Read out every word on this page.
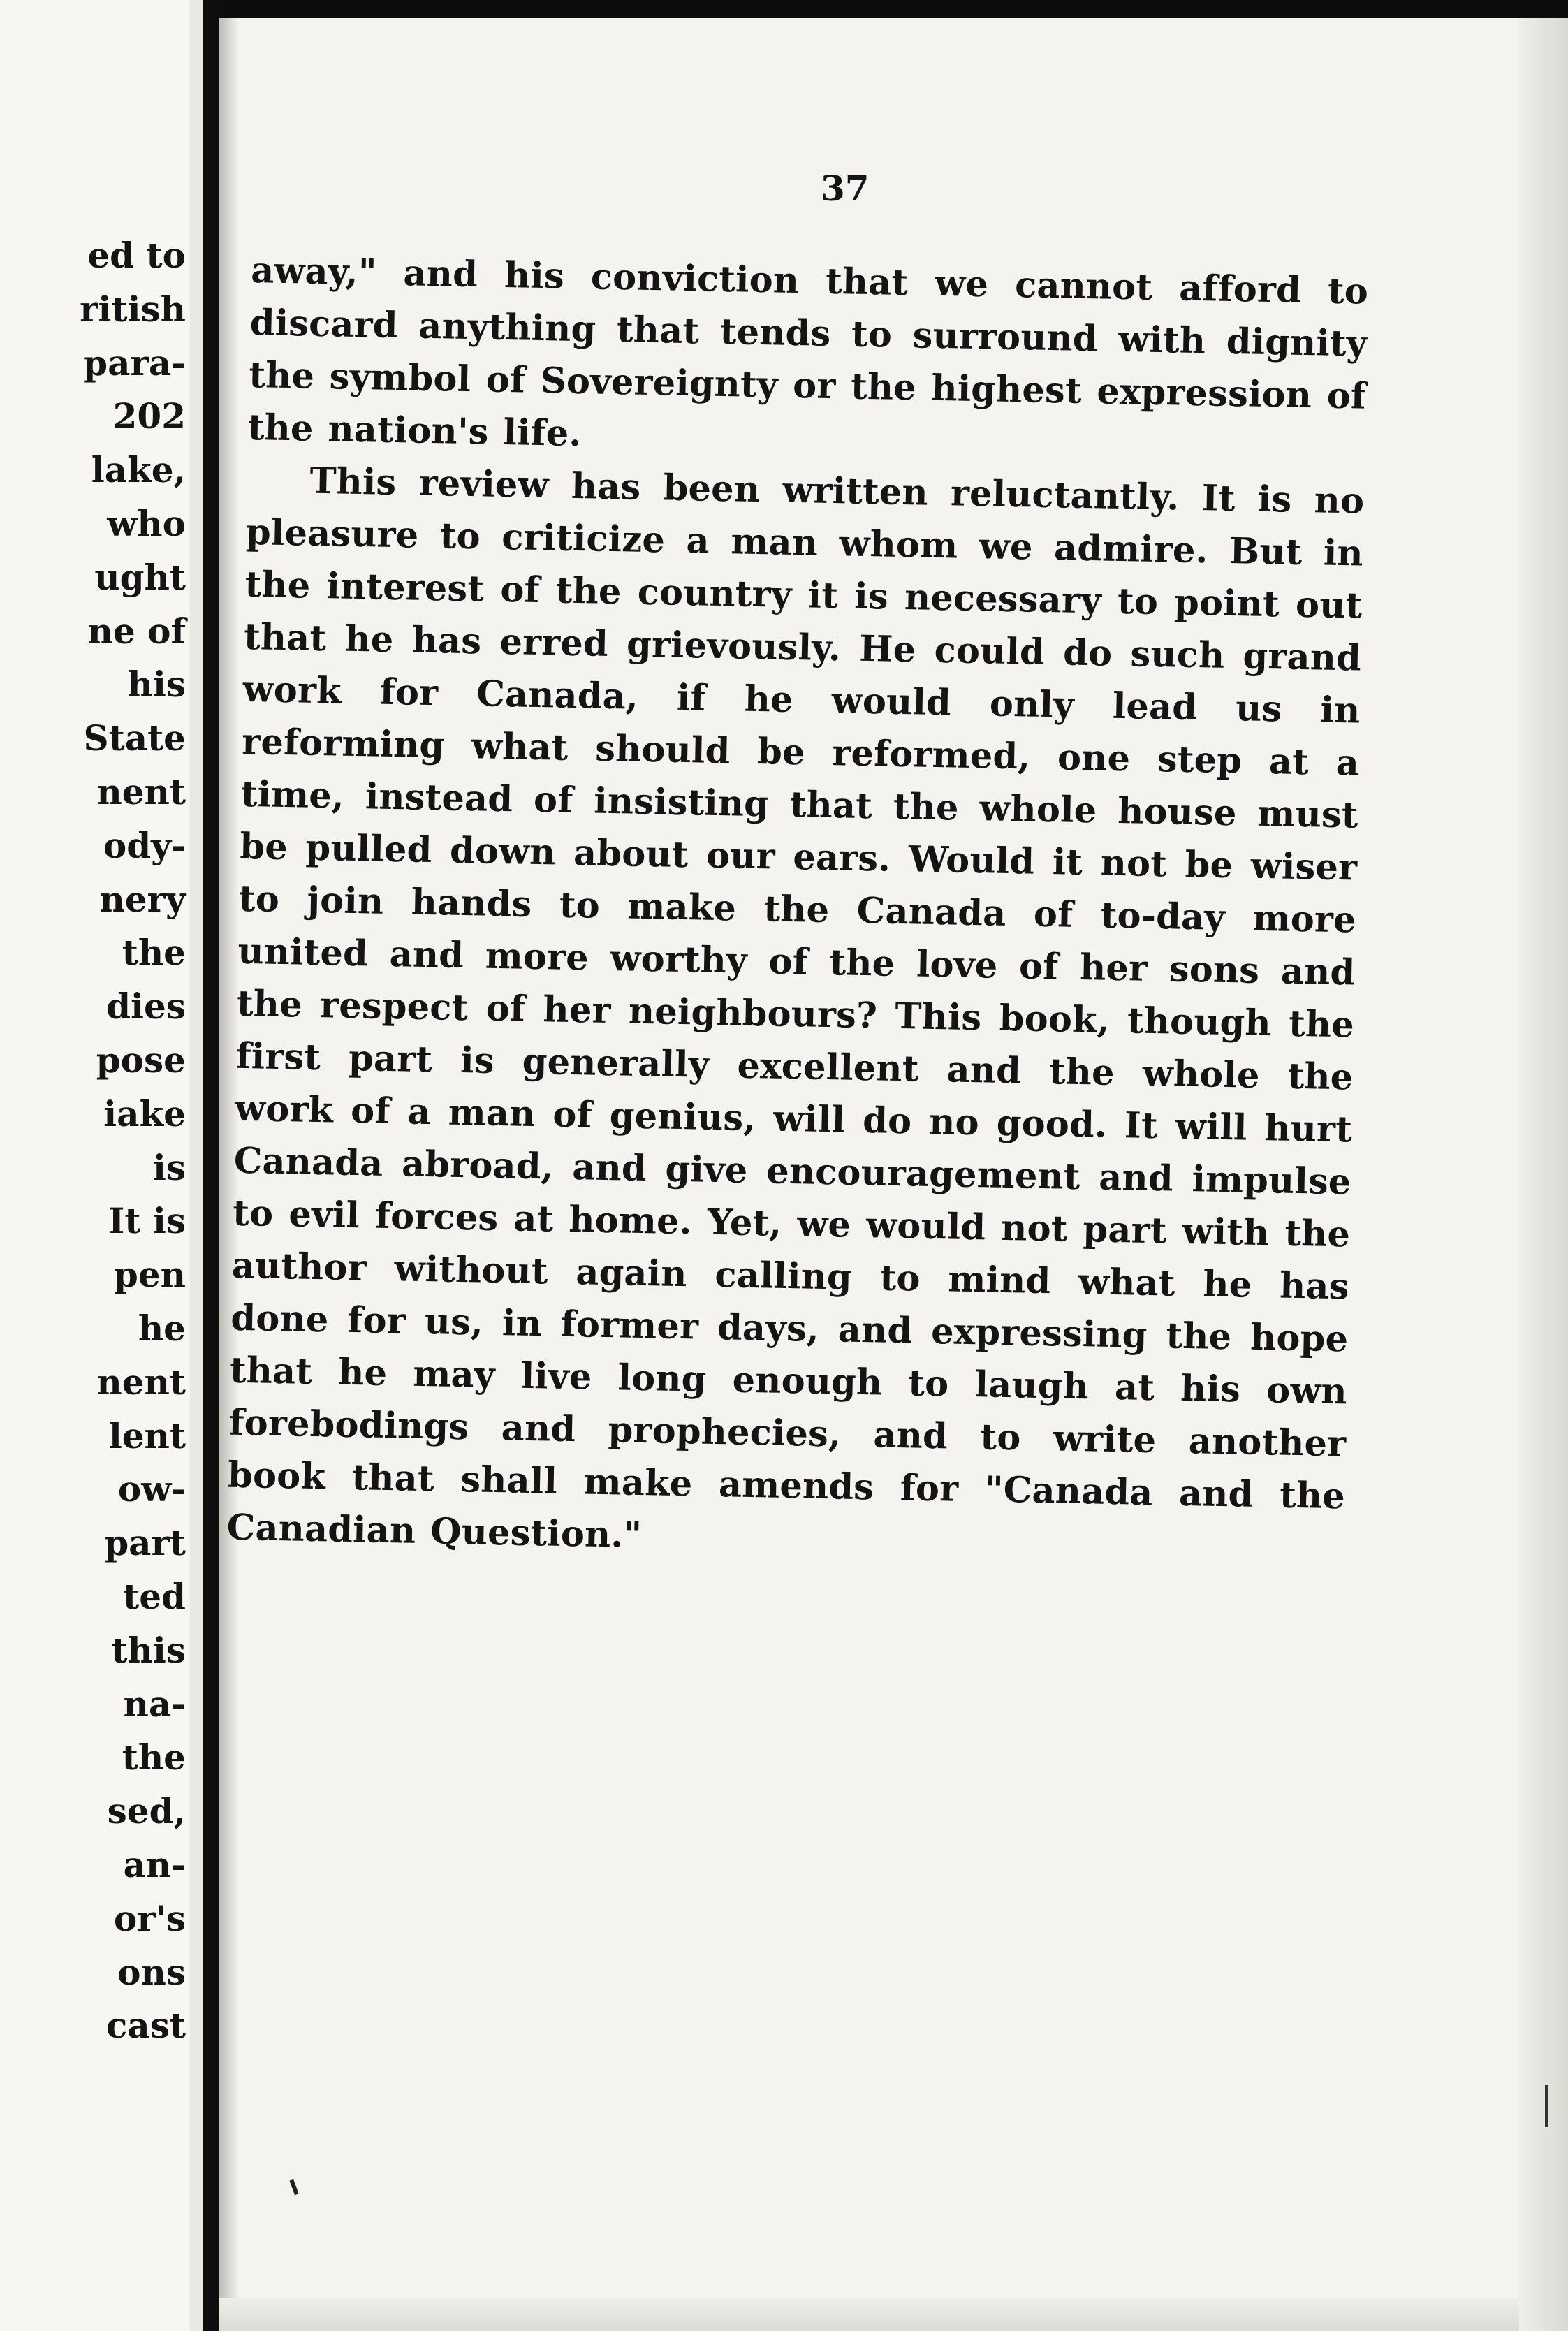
ed to
ritish
para-
202
lake,
who
ught
ne of
his
State
nent
ody-
nery
the
dies
pose
iake
is
It is
pen
he
nent
lent
ow-
part
ted
this
na-
the
sed,
an-
or's
ons
cast

37

away," and his conviction that we cannot afford to discard anything that tends to surround with dignity the symbol of Sovereignty or the highest expression of the nation's life.

This review has been written reluctantly. It is no pleasure to criticize a man whom we admire. But in the interest of the country it is necessary to point out that he has erred grievously. He could do such grand work for Canada, if he would only lead us in reforming what should be reformed, one step at a time, instead of insisting that the whole house must be pulled down about our ears. Would it not be wiser to join hands to make the Canada of to-day more united and more worthy of the love of her sons and the respect of her neighbours? This book, though the first part is generally excellent and the whole the work of a man of genius, will do no good. It will hurt Canada abroad, and give encouragement and impulse to evil forces at home. Yet, we would not part with the author without again calling to mind what he has done for us, in former days, and expressing the hope that he may live long enough to laugh at his own forebodings and prophecies, and to write another book that shall make amends for "Canada and the Canadian Question."
